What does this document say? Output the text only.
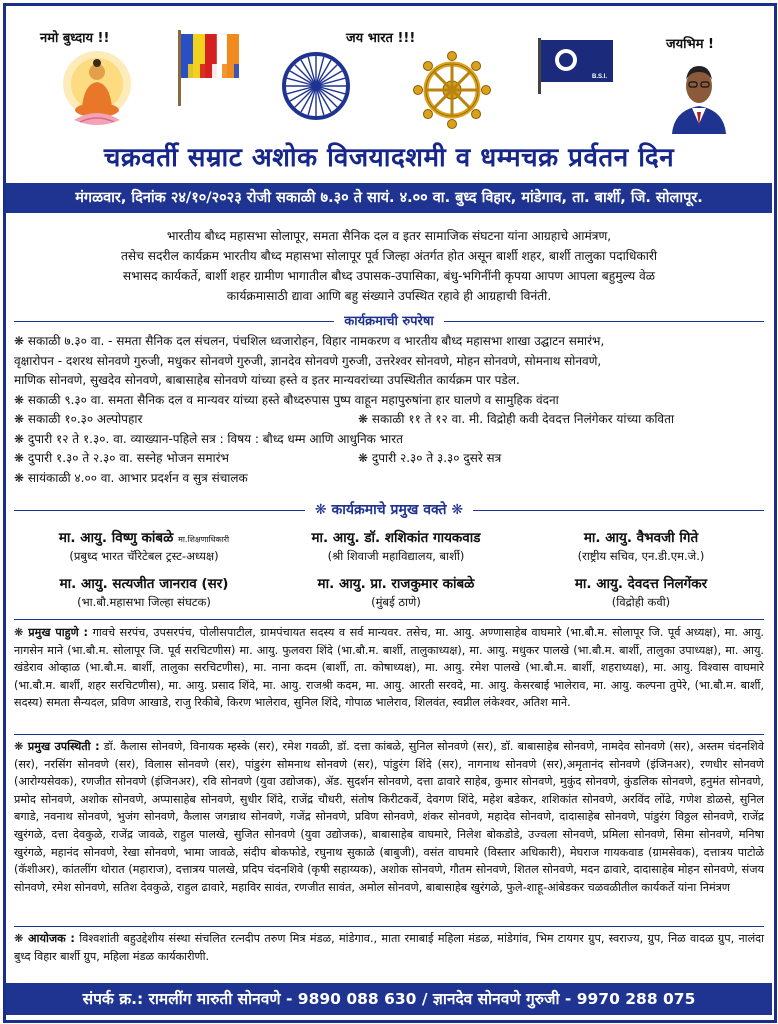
नमो बुध्दाय !!	जय भारत !!!	जयभिम !
B.S.I.
चक्रवर्ती सम्राट अशोक विजयादशमी व धम्मचक्र प्रर्वतन दिन
मंगळवार, दिनांक २४/१०/२०२३ रोजी सकाळी ७.३० ते सायं. ४.०० वा. बुध्द विहार, मांडेगाव, ता. बार्शी, जि. सोलापूर.
भारतीय बौध्द महासभा सोलापूर, समता सैनिक दल व इतर सामाजिक संघटना यांना आग्रहाचे आमंत्रण,
तसेच सदरील कार्यक्रम भारतीय बौध्द महासभा सोलापूर पूर्व जिल्हा अंतर्गत होत असून बार्शी शहर, बार्शी तालुका पदाधिकारी
सभासद कार्यकर्ते, बार्शी शहर ग्रामीण भागातील बौध्द उपासक-उपासिका, बंधु-भगिनींनी कृपया आपण आपला बहुमुल्य वेळ
कार्यक्रमासाठी द्यावा आणि बहु संख्याने उपस्थित रहावे ही आग्रहाची विनंती.
कार्यक्रमाची रुपरेषा
❋ सकाळी ७.३० वा. - समता सैनिक दल संचलन, पंचशिल ध्वजारोहन, विहार नामकरण व भारतीय बौध्द महासभा शाखा उद्घाटन समारंभ,
वृक्षारोपन - दशरथ सोनवणे गुरुजी, मधुकर सोनवणे गुरुजी, ज्ञानदेव सोनवणे गुरुजी, उत्तरेश्वर सोनवणे, मोहन सोनवणे, सोमनाथ सोनवणे,
माणिक सोनवणे, सुखदेव सोनवणे, बाबासाहेब सोनवणे यांच्या हस्ते व इतर मान्यवरांच्या उपस्थितीत कार्यक्रम पार पडेल.
❋ सकाळी ९.३० वा. समता सैनिक दल व मान्यवर यांच्या हस्ते बौध्दरुपास पुष्प वाहून महापुरुषांना हार घालणे व सामुहिक वंदना
❋ सकाळी १०.३० अल्पोपहार	❋ सकाळी ११ ते १२ वा. मी. विद्रोही कवी देवदत्त निलंगेकर यांच्या कविता
❋ दुपारी १२ ते १.३०. वा. व्याख्यान-पहिले सत्र : विषय : बौध्द धम्म आणि आधुनिक भारत
❋ दुपारी १.३० ते २.३० वा. सस्नेह भोजन समारंभ	❋ दुपारी २.३० ते ३.३० दुसरे सत्र
❋ सायंकाळी ४.०० वा. आभार प्रदर्शन व सुत्र संचालक
❋ कार्यक्रमाचे प्रमुख वक्ते ❋
मा. आयु. विष्णु कांबळे मा.शिक्षणाधिकारी
(प्रबुध्द भारत चॅरिटेबल ट्रस्ट-अध्यक्ष)
मा. आयु. डॉ. शशिकांत गायकवाड
(श्री शिवाजी महाविद्यालय, बार्शी)
मा. आयु. वैभवजी गिते
(राष्ट्रीय सचिव, एन.डी.एम.जे.)
मा. आयु. सत्यजीत जानराव (सर)
(भा.बौ.महासभा जिल्हा संघटक)
मा. आयु. प्रा. राजकुमार कांबळे
(मुंबई ठाणे)
मा. आयु. देवदत्त निलगेंकर
(विद्रोही कवी)
❋ प्रमुख पाहुणे : गावचे सरपंच, उपसरपंच, पोलीसपाटील, ग्रामपंचायत सदस्य व सर्व मान्यवर. तसेच, मा. आयु. अण्णासाहेब वाघमारे (भा.बौ.म. सोलापूर जि. पूर्व अध्यक्ष), मा. आयु. नागसेन माने (भा.बौ.म. सोलापूर जि. पूर्व सरचिटणीस) मा. आयु. फुलवरा शिंदे (भा.बौ.म. बार्शी, तालुकाध्यक्ष), मा. आयु. मधुकर पालखे (भा.बौ.म. बार्शी, तालुका उपाध्यक्ष), मा. आयु. खंडेराव ओव्हाळ (भा.बौ.म. बार्शी, तालुका सरचिटणीस), मा. नाना कदम (बार्शी, ता. कोषाध्यक्ष), मा. आयु. रमेश पालखे (भा.बौ.म. बार्शी, शहराध्यक्ष), मा. आयु. विश्वास वाघमारे (भा.बौ.म. बार्शी, शहर सरचिटणीस), मा. आयु. प्रसाद शिंदे, मा. आयु. राजश्री कदम, मा. आयु. आरती सरवदे, मा. आयु. केसरबाई भालेराव, मा. आयु. कल्पना तुपेरे, (भा.बौ.म. बार्शी, सदस्य) समता सैन्यदल, प्रविण आखाडे, राजु रिकीबे, किरण भालेराव, सुनिल शिंदे, गोपाळ भालेराव, शिलवंत, स्वप्नील लंकेश्वर, अतिश माने.
❋ प्रमुख उपस्थिती : डॉ. कैलास सोनवणे, विनायक म्हस्के (सर), रमेश गवळी, डॉ. दत्ता कांबळे, सुनिल सोनवणे (सर), डॉ. बाबासाहेब सोनवणे, नामदेव सोनवणे (सर), अस्तम चंदनशिवे (सर), नरसिंग सोनवणे (सर), विलास सोनवणे (सर), पांडुरंग सोमनाथ सोनवणे (सर), पांडुरंग शिंदे (सर), नागनाथ सोनवणे (सर),अमृतानंद सोनवणे (इंजिनअर), रणधीर सोनवणे (आरोग्यसेवक), रणजीत सोनवणे (इंजिनअर), रवि सोनवणे (युवा उद्योजक), ॲड. सुदर्शन सोनवणे, दत्ता ढावारे साहेब, कुमार सोनवणे, मुकुंद सोनवणे, कुंडलिक सोनवणे, हनुमंत सोनवणे, प्रमोद सोनवणे, अशोक सोनवणे, अप्पासाहेब सोनवणे, सुधीर शिंदे, राजेंद्र चौधरी, संतोष किरीटकर्वे, देवगण शिंदे, महेश बडेकर, शशिकांत सोनवणे, अरविंद लोंढे, गणेश डोळसे, सुनिल बगाडे, नवनाथ सोनवणे, भुजंग सोनवणे, कैलास जगन्नाथ सोनवणे, गजेंद्र सोनवणे, प्रविण सोनवणे, शंकर सोनवणे, महादेव सोनवणे, दादासाहेब सोनवणे, पांडुरंग विठ्ठल सोनवणे, राजेंद्र खुरंगळे, दत्ता देवकुळे, राजेंद्र जावळे, राहुल पालखे, सुजित सोनवणे (युवा उद्योजक), बाबासाहेब वाघमारे, निलेश बोकडोडे, उज्वला सोनवणे, प्रमिला सोनवणे, सिमा सोनवणे, मनिषा खुरंगळे, महानंद सोनवणे, रेखा सोनवणे, भामा जावळे, संदीप बोकफोडे, रघुनाथ सुकाळे (बाबुजी), वसंत वाघमारे (विस्तार अधिकारी), मेघराज गायकवाड (ग्रामसेवक), दत्तात्रय पाटोळे (कॅशीअर), कांतलींग थोरात (महाराज), दत्तात्रय पालखे, प्रदिप चंदनशिवे (कृषी सहाय्यक), अशोक सोनवणे, गौतम सोनवणे, शितल सोनवणे, मदन ढावारे, दादासाहेब मोहन सोनवणे, संजय सोनवणे, रमेश सोनवणे, सतिश देवकुळे, राहुल ढावारे, महाविर सावंत, रणजीत सावंत, अमोल सोनवणे, बाबासाहेब खुरंगळे, फुले-शाहू-आंबेडकर चळवळीतील कार्यकर्ते यांना निमंत्रण
❋ आयोजक : विश्वशांती बहुउद्देशीय संस्था संचलित रत्नदीप तरुण मित्र मंडळ, मांडेगाव., माता रमाबाई महिला मंडळ, मांडेगांव, भिम टायगर ग्रुप, स्वराज्य, ग्रुप, निळ वादळ ग्रुप, नालंदा बुध्द विहार बार्शी ग्रुप, महिला मंडळ कार्यकारीणी.
संपर्क क्र.: रामलींग मारुती सोनवणे - 9890 088 630 / ज्ञानदेव सोनवणे गुरुजी - 9970 288 075
